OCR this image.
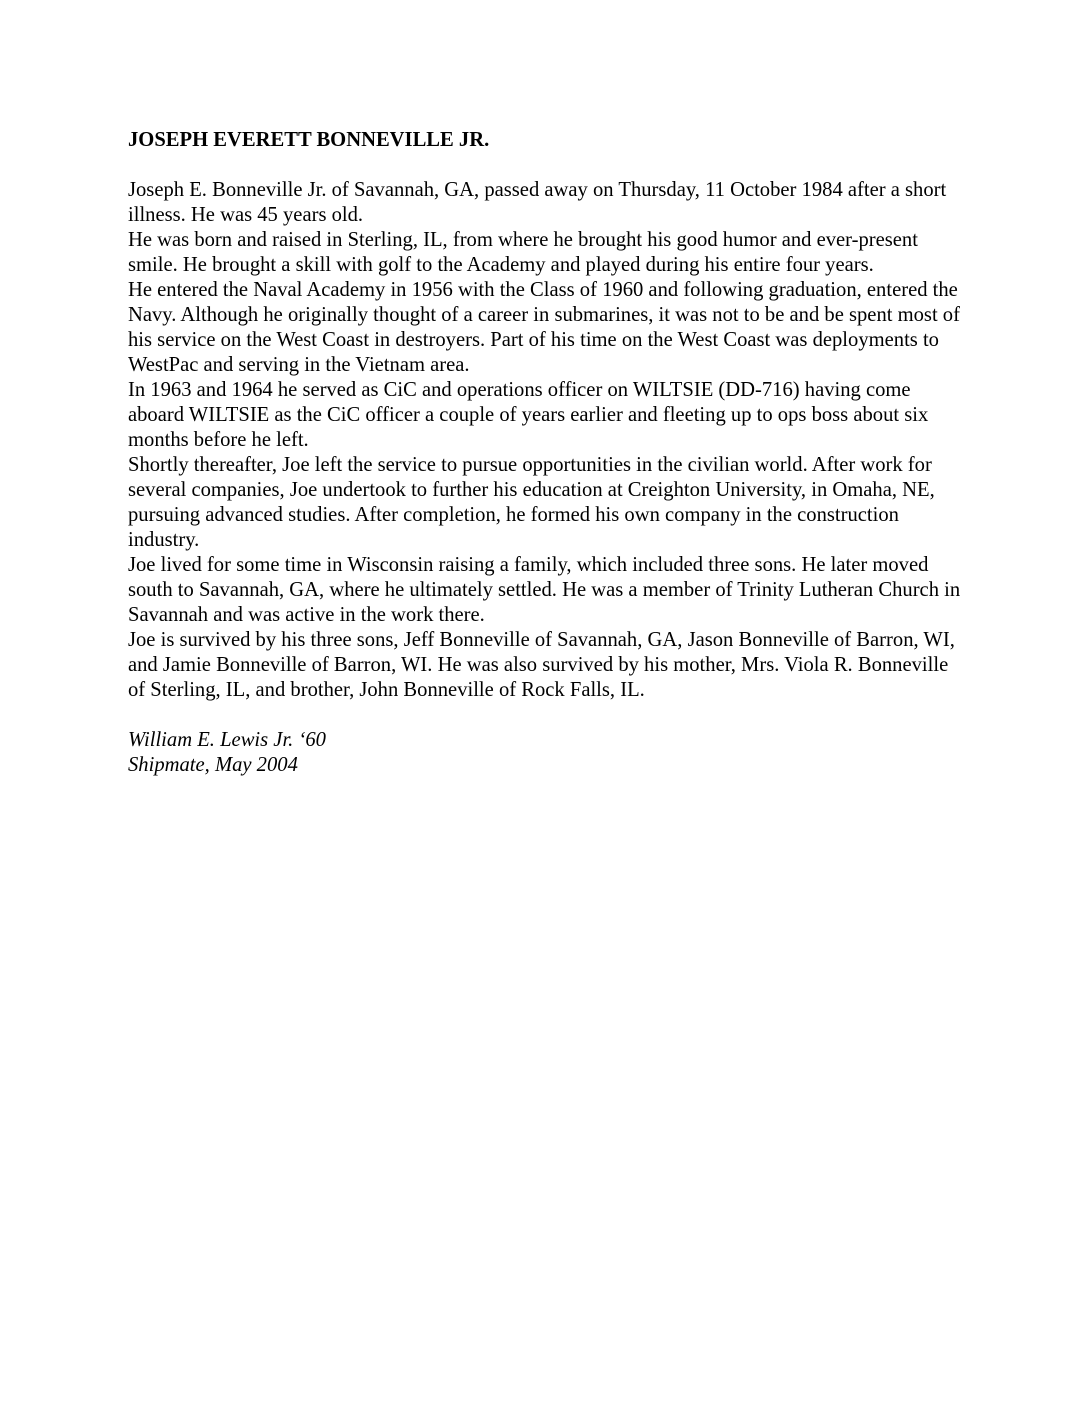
JOSEPH EVERETT BONNEVILLE JR.

Joseph E. Bonneville Jr. of Savannah, GA, passed away on Thursday, 11 October 1984 after a short illness. He was 45 years old.

He was born and raised in Sterling, IL, from where he brought his good humor and ever-present smile. He brought a skill with golf to the Academy and played during his entire four years.

He entered the Naval Academy in 1956 with the Class of 1960 and following graduation, entered the Navy. Although he originally thought of a career in submarines, it was not to be and be spent most of his service on the West Coast in destroyers. Part of his time on the West Coast was deployments to WestPac and serving in the Vietnam area.

In 1963 and 1964 he served as CiC and operations officer on WILTSIE (DD-716) having come aboard WILTSIE as the CiC officer a couple of years earlier and fleeting up to ops boss about six months before he left.

Shortly thereafter, Joe left the service to pursue opportunities in the civilian world. After work for several companies, Joe undertook to further his education at Creighton University, in Omaha, NE, pursuing advanced studies. After completion, he formed his own company in the construction industry.

Joe lived for some time in Wisconsin raising a family, which included three sons. He later moved south to Savannah, GA, where he ultimately settled. He was a member of Trinity Lutheran Church in Savannah and was active in the work there.

Joe is survived by his three sons, Jeff Bonneville of Savannah, GA, Jason Bonneville of Barron, WI, and Jamie Bonneville of Barron, WI. He was also survived by his mother, Mrs. Viola R. Bonneville of Sterling, IL, and brother, John Bonneville of Rock Falls, IL.

William E. Lewis Jr. ‘60

Shipmate, May 2004
